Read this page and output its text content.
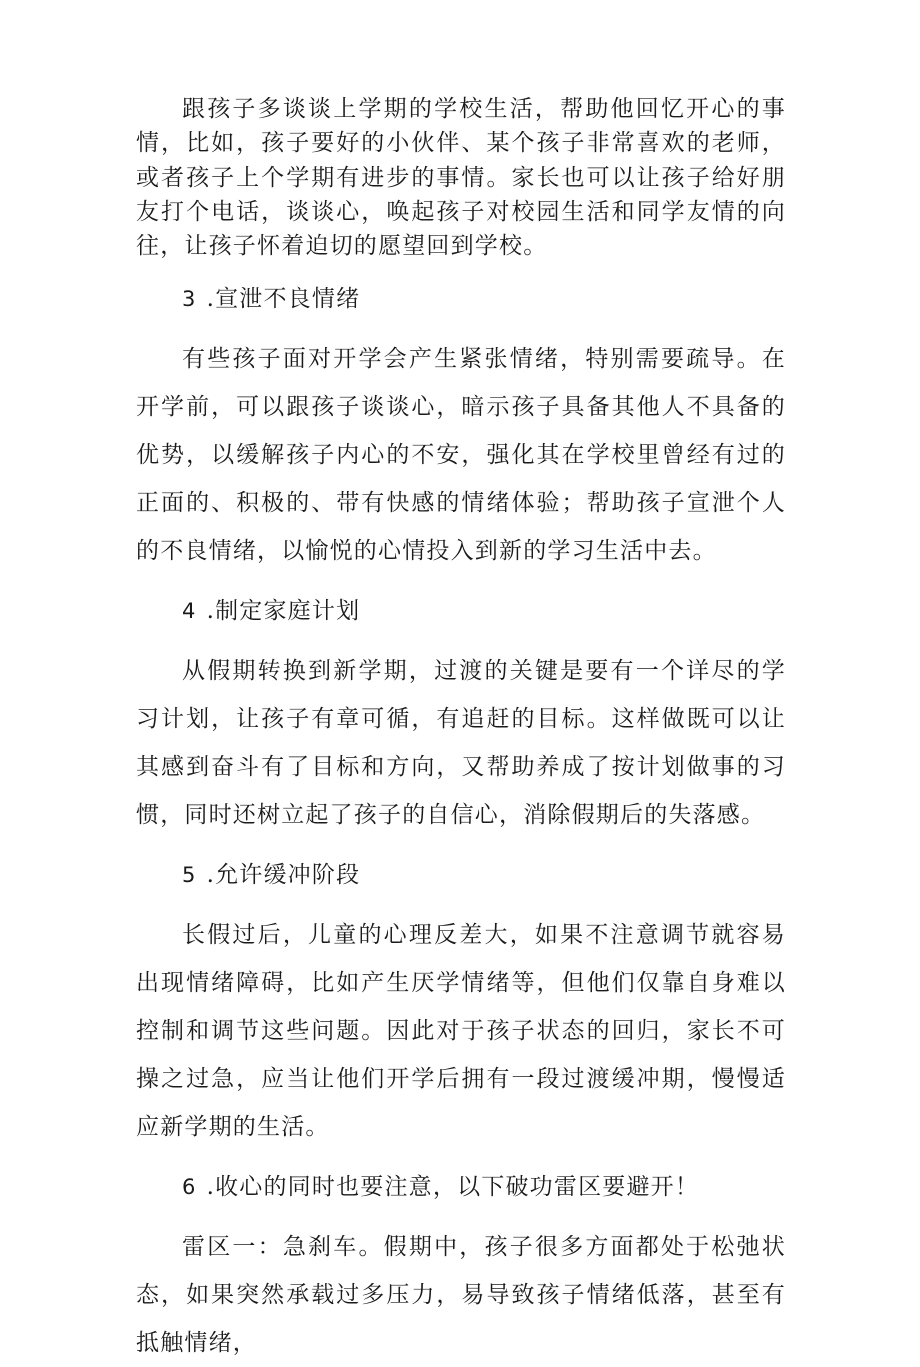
跟孩子多谈谈上学期的学校生活，帮助他回忆开心的事情，比如，孩子要好的小伙伴、某个孩子非常喜欢的老师，或者孩子上个学期有进步的事情。家长也可以让孩子给好朋友打个电话，谈谈心，唤起孩子对校园生活和同学友情的向往，让孩子怀着迫切的愿望回到学校。

3 .宣泄不良情绪

有些孩子面对开学会产生紧张情绪，特别需要疏导。在开学前，可以跟孩子谈谈心，暗示孩子具备其他人不具备的优势，以缓解孩子内心的不安，强化其在学校里曾经有过的正面的、积极的、带有快感的情绪体验；帮助孩子宣泄个人的不良情绪，以愉悦的心情投入到新的学习生活中去。

4 .制定家庭计划

从假期转换到新学期，过渡的关键是要有一个详尽的学习计划，让孩子有章可循，有追赶的目标。这样做既可以让其感到奋斗有了目标和方向，又帮助养成了按计划做事的习惯，同时还树立起了孩子的自信心，消除假期后的失落感。

5 .允许缓冲阶段

长假过后，儿童的心理反差大，如果不注意调节就容易出现情绪障碍，比如产生厌学情绪等，但他们仅靠自身难以控制和调节这些问题。因此对于孩子状态的回归，家长不可操之过急，应当让他们开学后拥有一段过渡缓冲期，慢慢适应新学期的生活。

6 .收心的同时也要注意，以下破功雷区要避开！

雷区一：急刹车。假期中，孩子很多方面都处于松弛状态，如果突然承载过多压力，易导致孩子情绪低落，甚至有抵触情绪，
